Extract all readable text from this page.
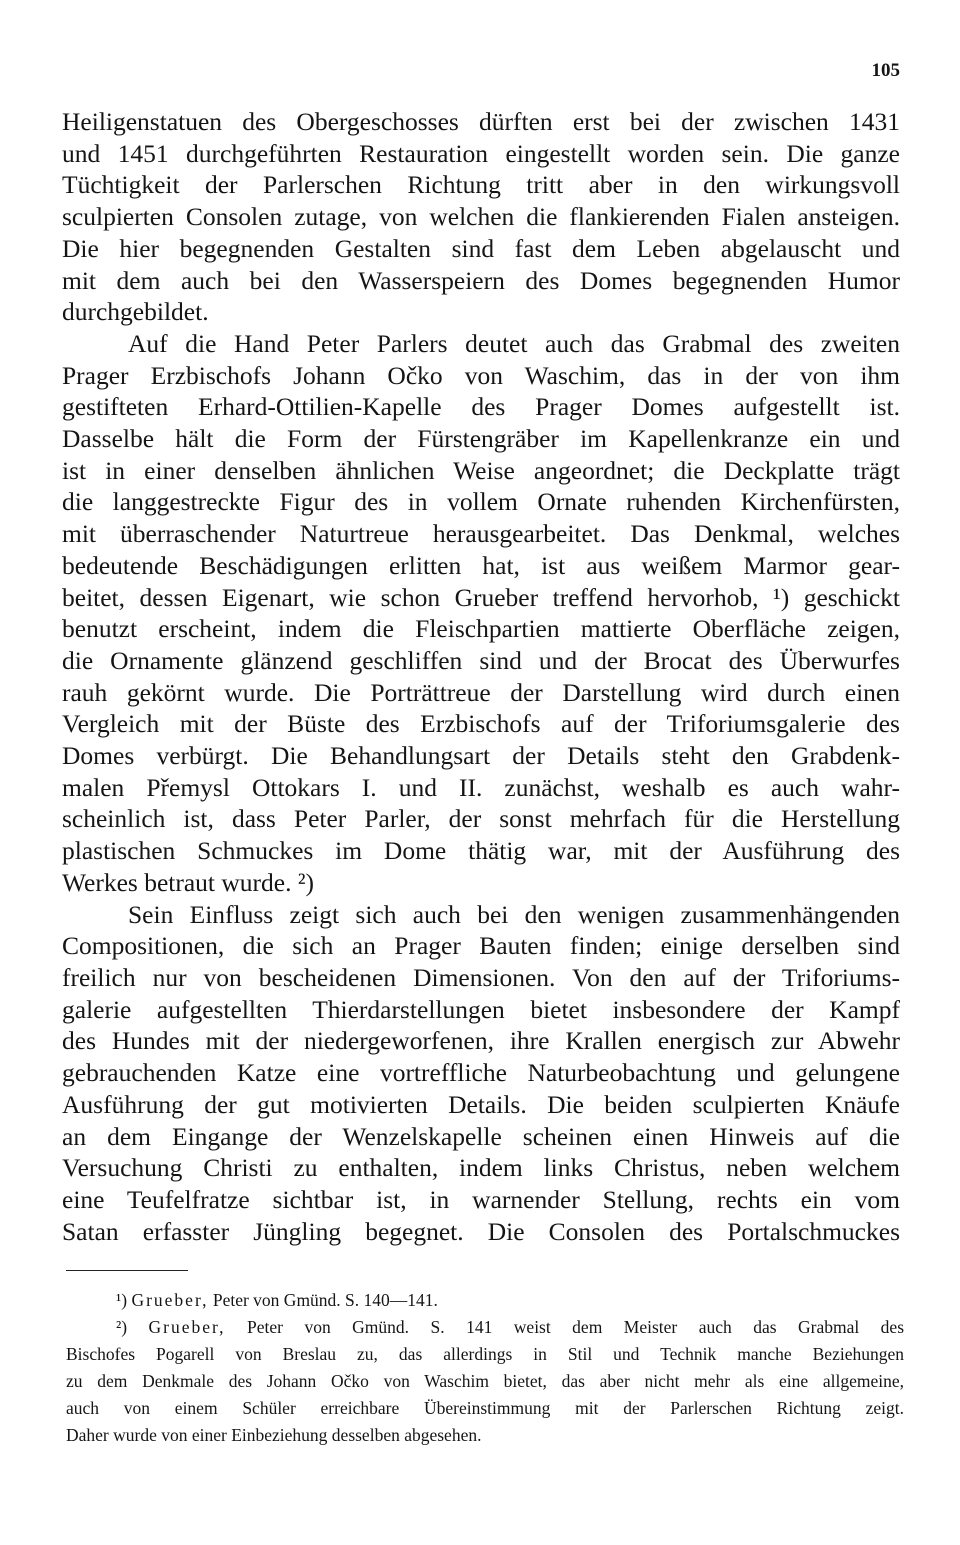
105
Heiligenstatuen des Obergeschosses dürften erst bei der zwischen 1431
und 1451 durchgeführten Restauration eingestellt worden sein. Die ganze
Tüchtigkeit der Parlerschen Richtung tritt aber in den wirkungsvoll
sculpierten Consolen zutage, von welchen die flankierenden Fialen ansteigen.
Die hier begegnenden Gestalten sind fast dem Leben abgelauscht und
mit dem auch bei den Wasserspeiern des Domes begegnenden Humor
durchgebildet.
Auf die Hand Peter Parlers deutet auch das Grabmal des zweiten
Prager Erzbischofs Johann Očko von Waschim, das in der von ihm
gestifteten Erhard-Ottilien-Kapelle des Prager Domes aufgestellt ist.
Dasselbe hält die Form der Fürstengräber im Kapellenkranze ein und
ist in einer denselben ähnlichen Weise angeordnet; die Deckplatte trägt
die langgestreckte Figur des in vollem Ornate ruhenden Kirchenfürsten,
mit überraschender Naturtreue herausgearbeitet. Das Denkmal, welches
bedeutende Beschädigungen erlitten hat, ist aus weißem Marmor gear-
beitet, dessen Eigenart, wie schon Grueber treffend hervorhob, ¹) geschickt
benutzt erscheint, indem die Fleischpartien mattierte Oberfläche zeigen,
die Ornamente glänzend geschliffen sind und der Brocat des Überwurfes
rauh gekörnt wurde. Die Porträttreue der Darstellung wird durch einen
Vergleich mit der Büste des Erzbischofs auf der Triforiumsgalerie des
Domes verbürgt. Die Behandlungsart der Details steht den Grabdenk-
malen Přemysl Ottokars I. und II. zunächst, weshalb es auch wahr-
scheinlich ist, dass Peter Parler, der sonst mehrfach für die Herstellung
plastischen Schmuckes im Dome thätig war, mit der Ausführung des
Werkes betraut wurde. ²)
Sein Einfluss zeigt sich auch bei den wenigen zusammenhängenden
Compositionen, die sich an Prager Bauten finden; einige derselben sind
freilich nur von bescheidenen Dimensionen. Von den auf der Triforiums-
galerie aufgestellten Thierdarstellungen bietet insbesondere der Kampf
des Hundes mit der niedergeworfenen, ihre Krallen energisch zur Abwehr
gebrauchenden Katze eine vortreffliche Naturbeobachtung und gelungene
Ausführung der gut motivierten Details. Die beiden sculpierten Knäufe
an dem Eingange der Wenzelskapelle scheinen einen Hinweis auf die
Versuchung Christi zu enthalten, indem links Christus, neben welchem
eine Teufelfratze sichtbar ist, in warnender Stellung, rechts ein vom
Satan erfasster Jüngling begegnet. Die Consolen des Portalschmuckes
¹) Grueber, Peter von Gmünd. S. 140—141.
²) Grueber, Peter von Gmünd. S. 141 weist dem Meister auch das Grabmal des
Bischofes Pogarell von Breslau zu, das allerdings in Stil und Technik manche Beziehungen
zu dem Denkmale des Johann Očko von Waschim bietet, das aber nicht mehr als eine allgemeine,
auch von einem Schüler erreichbare Übereinstimmung mit der Parlerschen Richtung zeigt.
Daher wurde von einer Einbeziehung desselben abgesehen.
